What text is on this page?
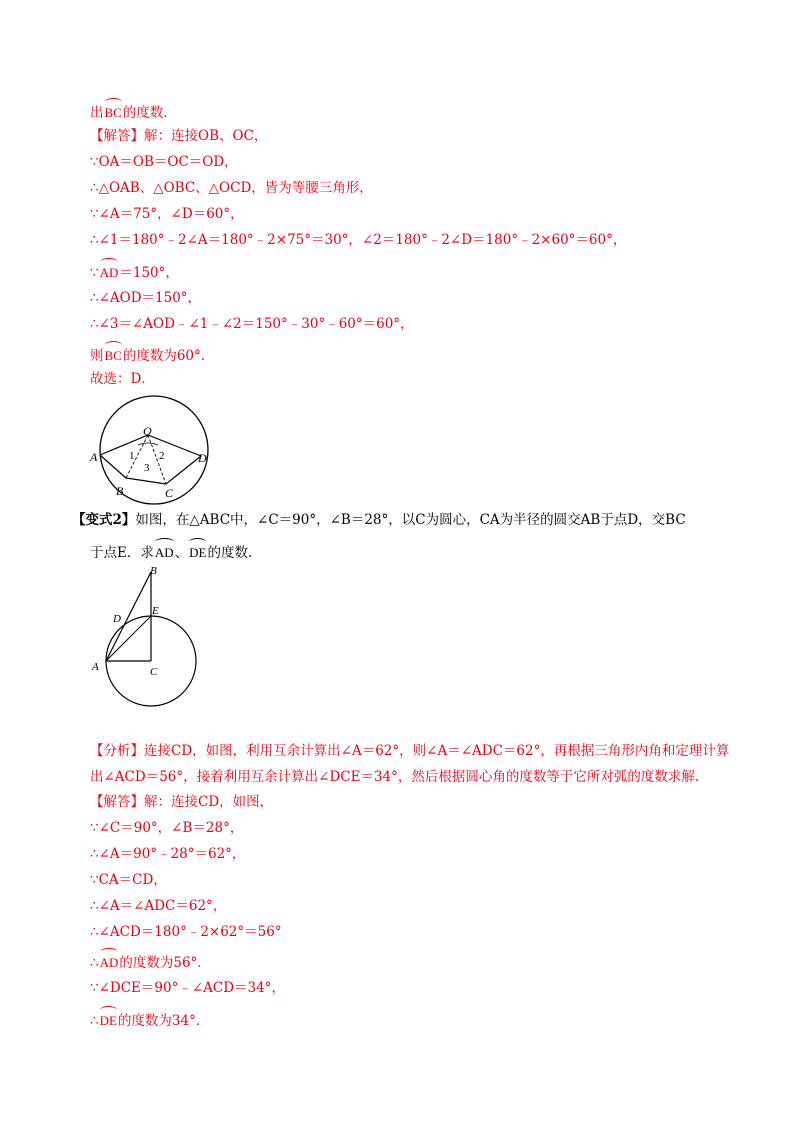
出BC的度数．
【解答】解：连接OB、OC，
∵OA＝OB＝OC＝OD，
∴△OAB、△OBC、△OCD，皆为等腰三角形，
∵∠A＝75°，∠D＝60°，
∴∠1＝180°﹣2∠A＝180°﹣2×75°＝30°，∠2＝180°﹣2∠D＝180°﹣2×60°＝60°，
∵AD＝150°，
∴∠AOD＝150°，
∴∠3＝∠AOD﹣∠1﹣∠2＝150°﹣30°﹣60°＝60°，
则BC的度数为60°．
故选：D．
O
A
B	C
D
1 2
3
【变式2】如图，在△ABC中，∠C＝90°，∠B＝28°，以C为圆心，CA为半径的圆交AB于点D，交BC
于点E．求AD、DE的度数．
B
E
D
A	C
【分析】连接CD，如图，利用互余计算出∠A＝62°，则∠A＝∠ADC＝62°，再根据三角形内角和定理计算出∠ACD＝56°，接着利用互余计算出∠DCE＝34°，然后根据圆心角的度数等于它所对弧的度数求解．
【解答】解：连接CD，如图，
∵∠C＝90°，∠B＝28°，
∴∠A＝90°﹣28°＝62°，
∵CA＝CD，
∴∠A＝∠ADC＝62°，
∴∠ACD＝180°﹣2×62°＝56°
∴AD的度数为56°．
∵∠DCE＝90°﹣∠ACD＝34°，
∴DE的度数为34°．
